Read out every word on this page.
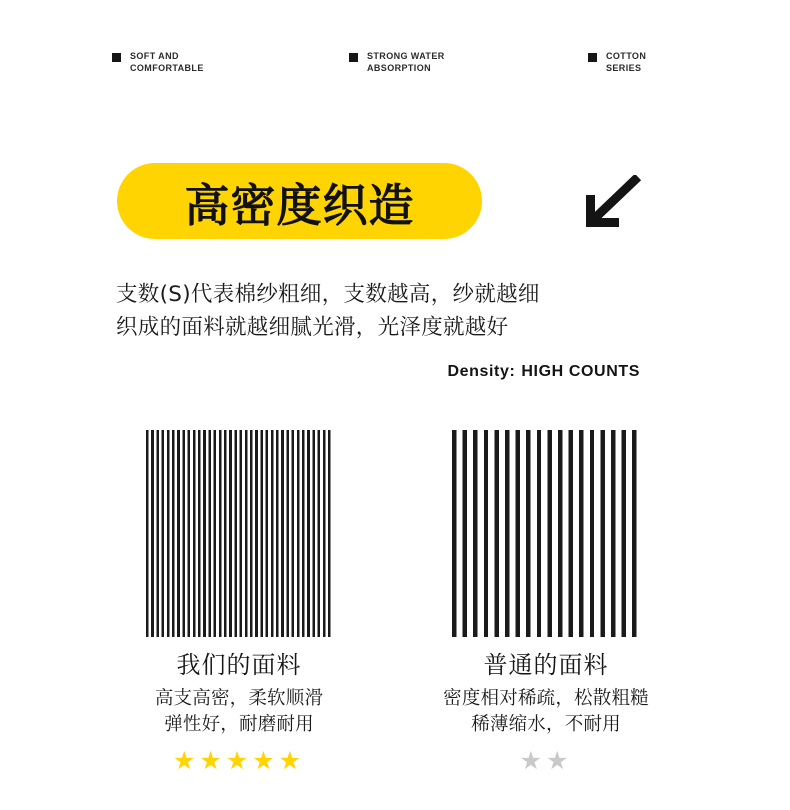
SOFT AND
COMFORTABLE
STRONG WATER
ABSORPTION
COTTON
SERIES
高密度织造
支数(S)代表棉纱粗细，支数越高，纱就越细
织成的面料就越细腻光滑，光泽度就越好
Density: HIGH COUNTS
我们的面料
高支高密，柔软顺滑
弹性好，耐磨耐用
★★★★★
普通的面料
密度相对稀疏，松散粗糙
稀薄缩水，不耐用
★★
